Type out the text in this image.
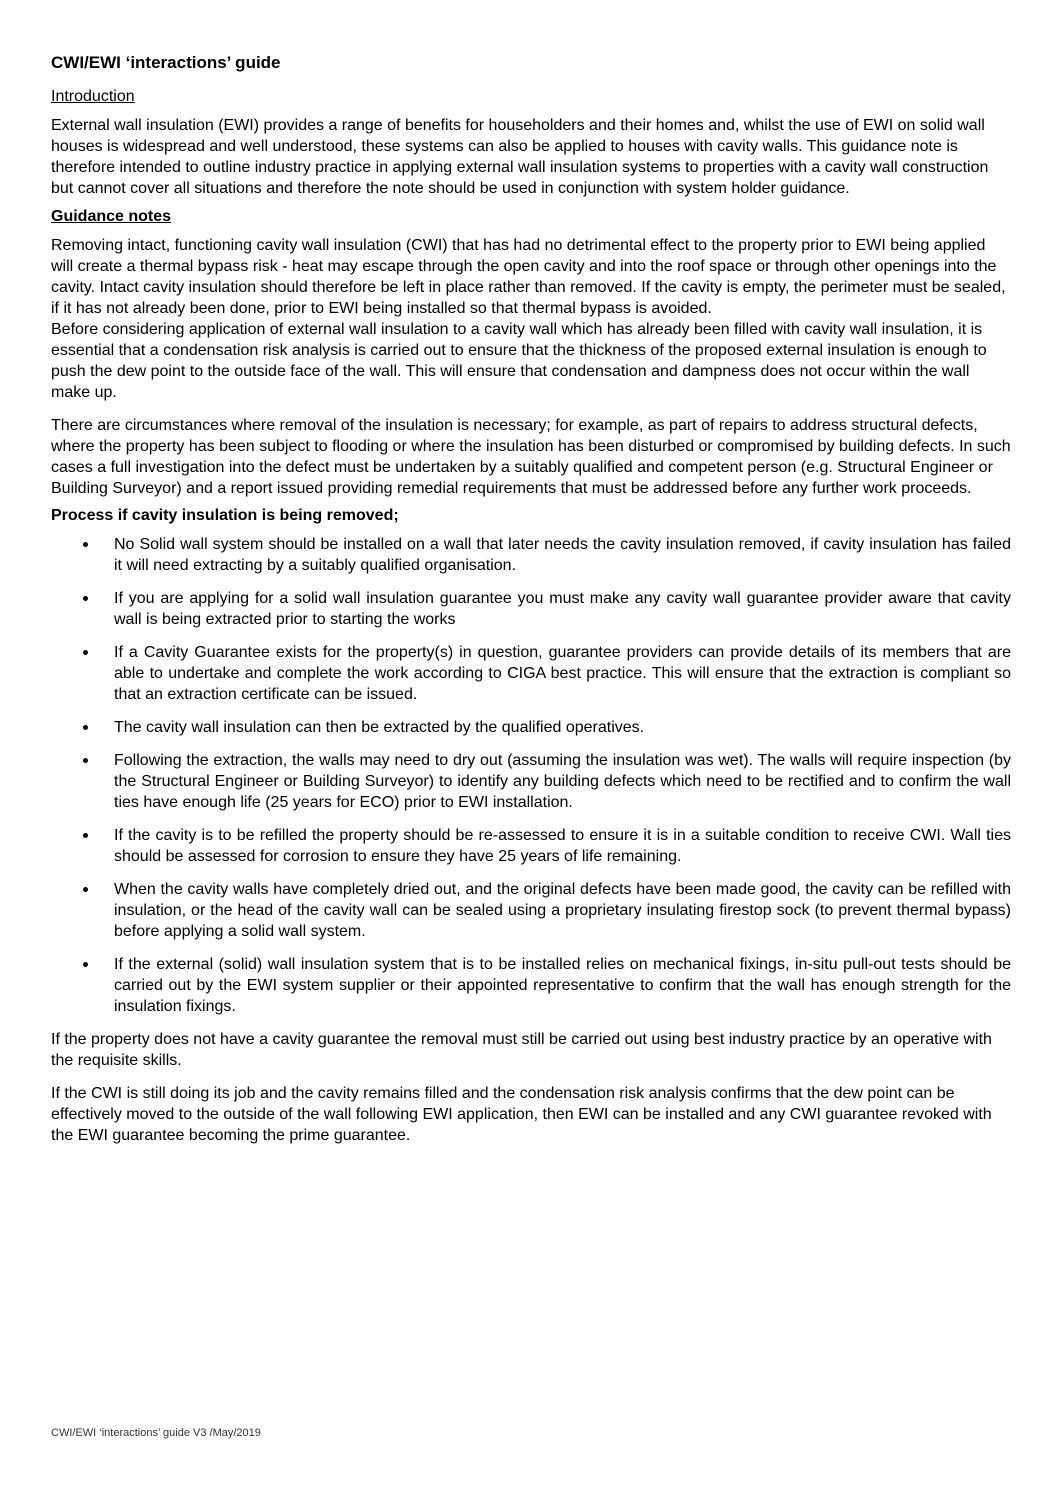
CWI/EWI ‘interactions’ guide
Introduction

External wall insulation (EWI) provides a range of benefits for householders and their homes and, whilst the use of EWI on solid wall houses is widespread and well understood, these systems can also be applied to houses with cavity walls. This guidance note is therefore intended to outline industry practice in applying external wall insulation systems to properties with a cavity wall construction but cannot cover all situations and therefore the note should be used in conjunction with system holder guidance.

Guidance notes

Removing intact, functioning cavity wall insulation (CWI) that has had no detrimental effect to the property prior to EWI being applied will create a thermal bypass risk - heat may escape through the open cavity and into the roof space or through other openings into the cavity. Intact cavity insulation should therefore be left in place rather than removed. If the cavity is empty, the perimeter must be sealed, if it has not already been done, prior to EWI being installed so that thermal bypass is avoided.

Before considering application of external wall insulation to a cavity wall which has already been filled with cavity wall insulation, it is essential that a condensation risk analysis is carried out to ensure that the thickness of the proposed external insulation is enough to push the dew point to the outside face of the wall. This will ensure that condensation and dampness does not occur within the wall make up.

There are circumstances where removal of the insulation is necessary; for example, as part of repairs to address structural defects, where the property has been subject to flooding or where the insulation has been disturbed or compromised by building defects. In such cases a full investigation into the defect must be undertaken by a suitably qualified and competent person (e.g. Structural Engineer or Building Surveyor) and a report issued providing remedial requirements that must be addressed before any further work proceeds.

Process if cavity insulation is being removed;
No Solid wall system should be installed on a wall that later needs the cavity insulation removed, if cavity insulation has failed it will need extracting by a suitably qualified organisation.
If you are applying for a solid wall insulation guarantee you must make any cavity wall guarantee provider aware that cavity wall is being extracted prior to starting the works
If a Cavity Guarantee exists for the property(s) in question, guarantee providers can provide details of its members that are able to undertake and complete the work according to CIGA best practice. This will ensure that the extraction is compliant so that an extraction certificate can be issued.
The cavity wall insulation can then be extracted by the qualified operatives.
Following the extraction, the walls may need to dry out (assuming the insulation was wet). The walls will require inspection (by the Structural Engineer or Building Surveyor) to identify any building defects which need to be rectified and to confirm the wall ties have enough life (25 years for ECO) prior to EWI installation.
If the cavity is to be refilled the property should be re-assessed to ensure it is in a suitable condition to receive CWI. Wall ties should be assessed for corrosion to ensure they have 25 years of life remaining.
When the cavity walls have completely dried out, and the original defects have been made good, the cavity can be refilled with insulation, or the head of the cavity wall can be sealed using a proprietary insulating firestop sock (to prevent thermal bypass) before applying a solid wall system.
If the external (solid) wall insulation system that is to be installed relies on mechanical fixings, in-situ pull-out tests should be carried out by the EWI system supplier or their appointed representative to confirm that the wall has enough strength for the insulation fixings.

If the property does not have a cavity guarantee the removal must still be carried out using best industry practice by an operative with the requisite skills.

If the CWI is still doing its job and the cavity remains filled and the condensation risk analysis confirms that the dew point can be effectively moved to the outside of the wall following EWI application, then EWI can be installed and any CWI guarantee revoked with the EWI guarantee becoming the prime guarantee.

CWI/EWI ‘interactions’ guide V3 /May/2019
